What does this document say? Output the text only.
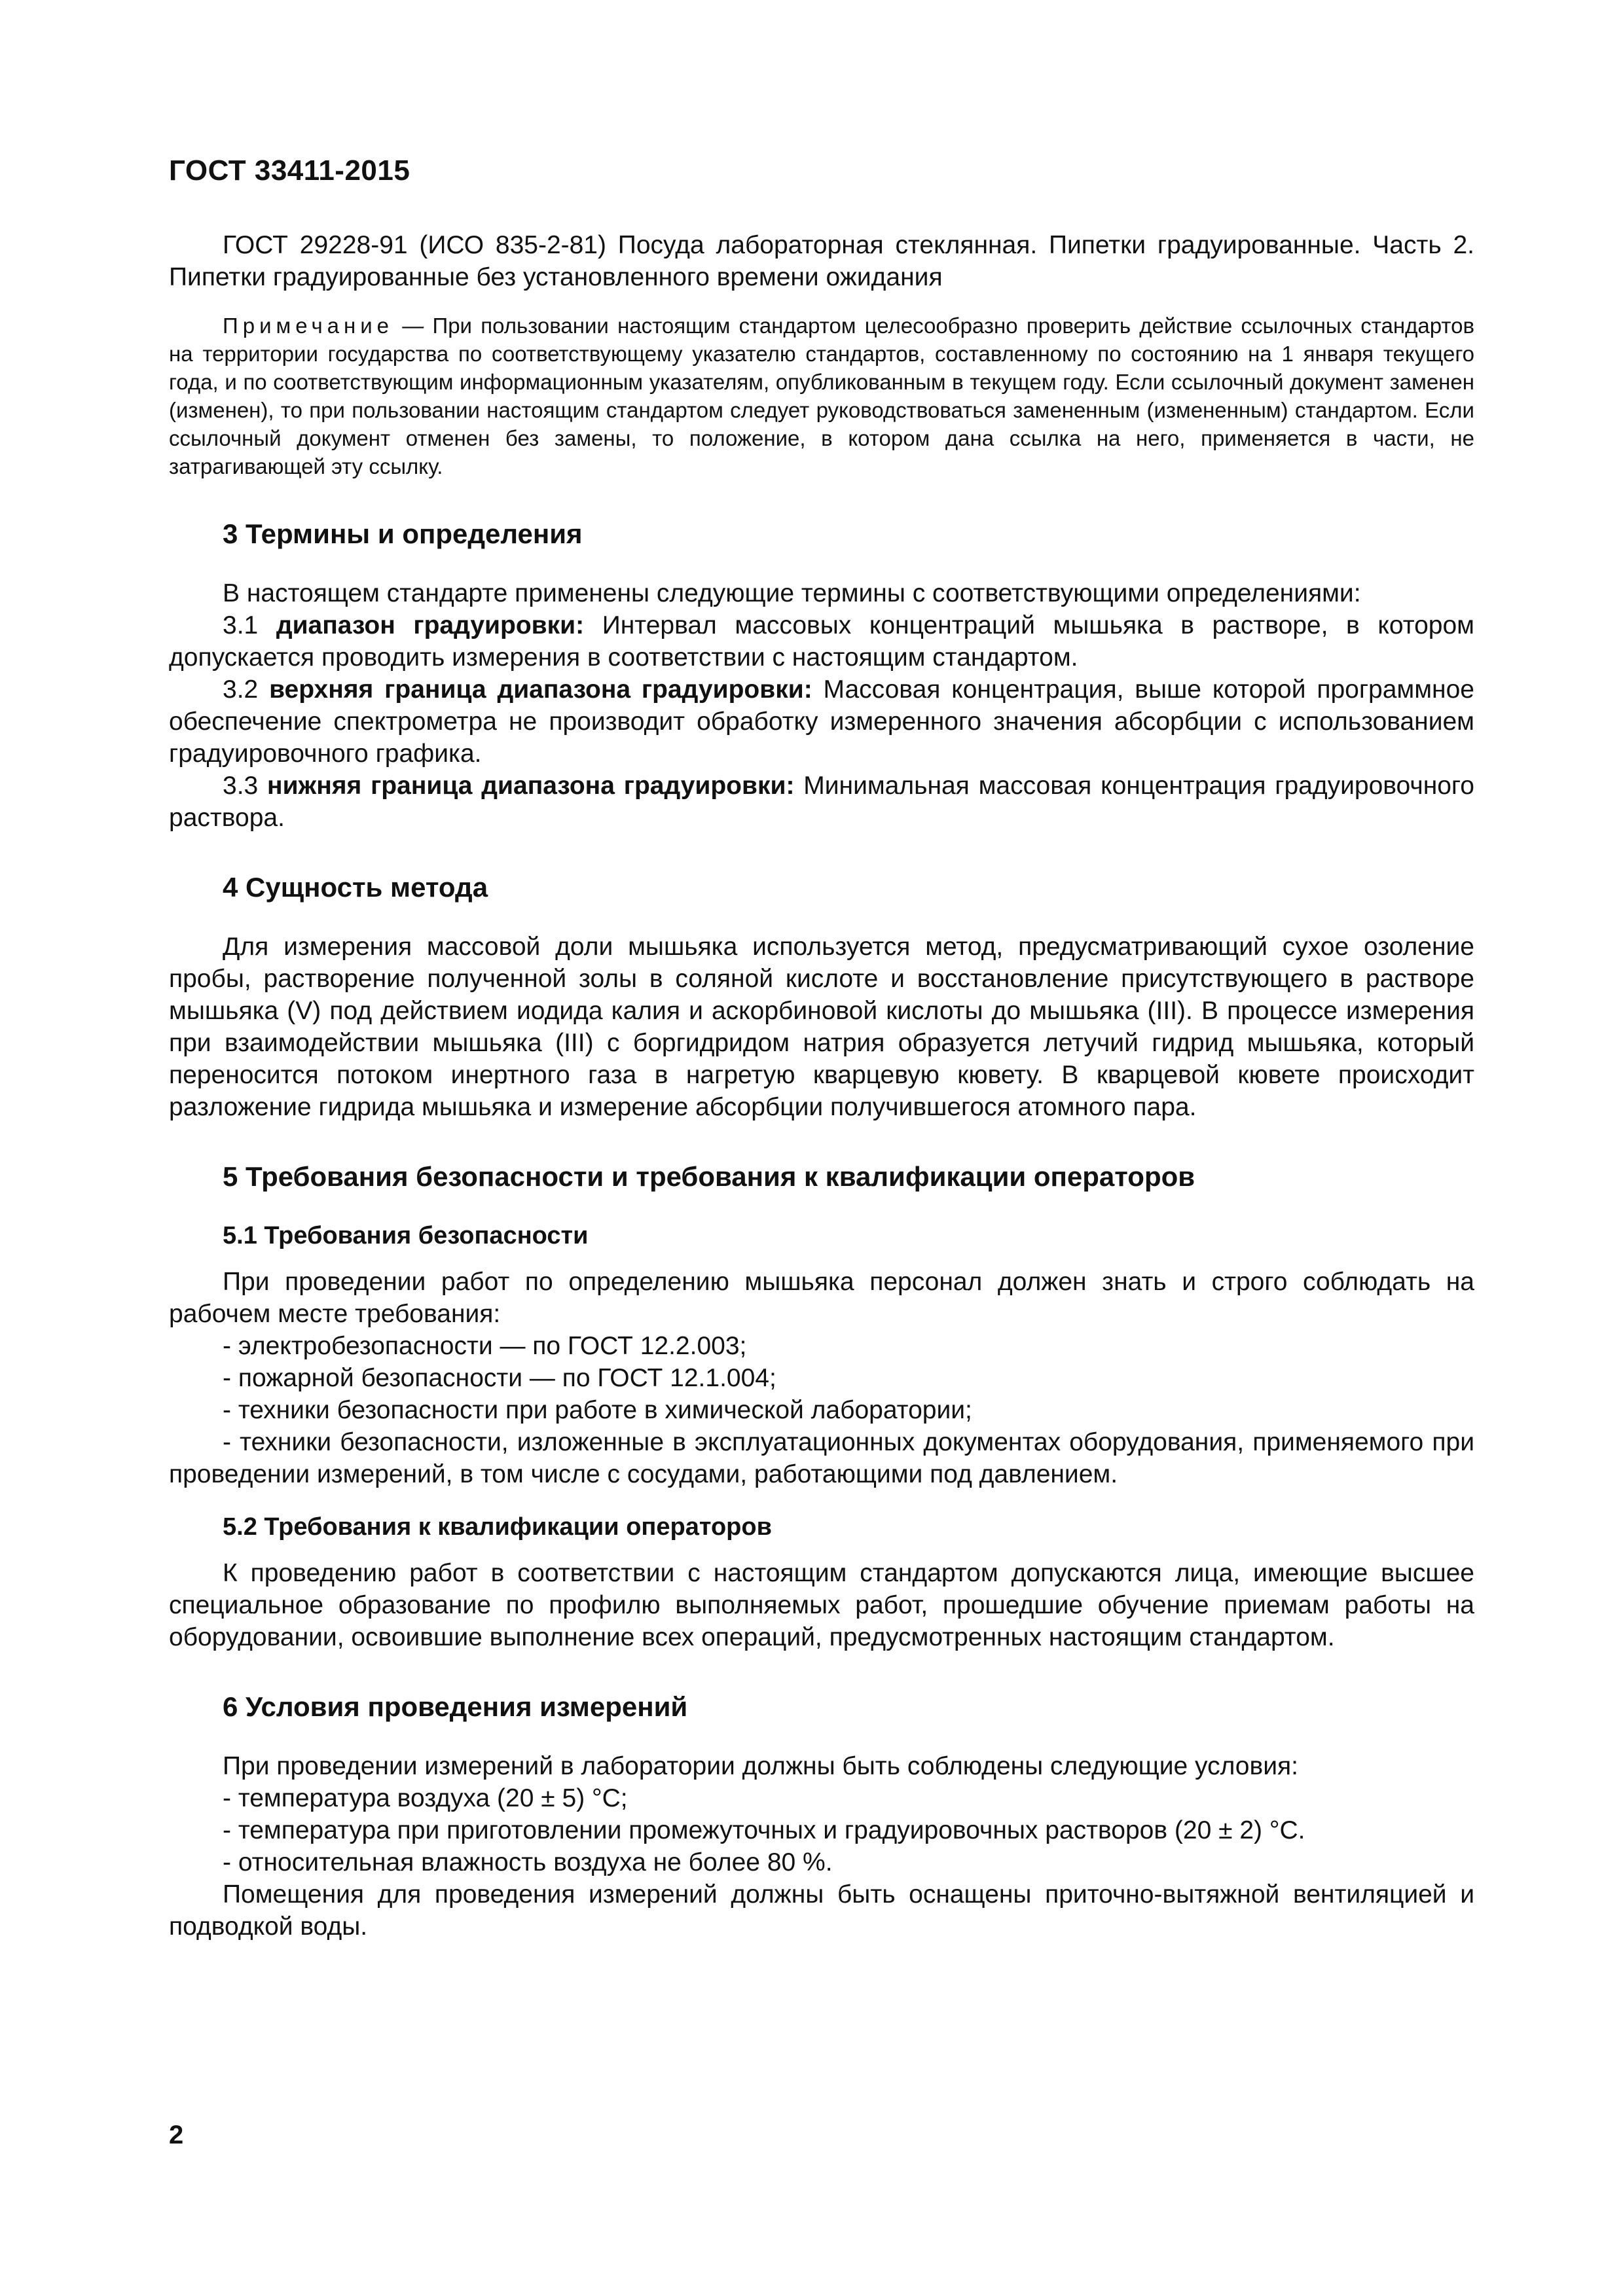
ГОСТ 33411-2015

ГОСТ 29228-91 (ИСО 835-2-81) Посуда лабораторная стеклянная. Пипетки градуированные. Часть 2. Пипетки градуированные без установленного времени ожидания

Примечание — При пользовании настоящим стандартом целесообразно проверить действие ссылочных стандартов на территории государства по соответствующему указателю стандартов, составленному по состоянию на 1 января текущего года, и по соответствующим информационным указателям, опубликованным в текущем году. Если ссылочный документ заменен (изменен), то при пользовании настоящим стандартом следует руководствоваться замененным (измененным) стандартом. Если ссылочный документ отменен без замены, то положение, в котором дана ссылка на него, применяется в части, не затрагивающей эту ссылку.

3 Термины и определения

В настоящем стандарте применены следующие термины с соответствующими определениями:

3.1 диапазон градуировки: Интервал массовых концентраций мышьяка в растворе, в котором допускается проводить измерения в соответствии с настоящим стандартом.

3.2 верхняя граница диапазона градуировки: Массовая концентрация, выше которой программное обеспечение спектрометра не производит обработку измеренного значения абсорбции с использованием градуировочного графика.

3.3 нижняя граница диапазона градуировки: Минимальная массовая концентрация градуировочного раствора.

4 Сущность метода

Для измерения массовой доли мышьяка используется метод, предусматривающий сухое озоление пробы, растворение полученной золы в соляной кислоте и восстановление присутствующего в растворе мышьяка (V) под действием иодида калия и аскорбиновой кислоты до мышьяка (III). В процессе измерения при взаимодействии мышьяка (III) с боргидридом натрия образуется летучий гидрид мышьяка, который переносится потоком инертного газа в нагретую кварцевую кювету. В кварцевой кювете происходит разложение гидрида мышьяка и измерение абсорбции получившегося атомного пара.

5 Требования безопасности и требования к квалификации операторов
5.1 Требования безопасности

При проведении работ по определению мышьяка персонал должен знать и строго соблюдать на рабочем месте требования:

- электробезопасности — по ГОСТ 12.2.003;

- пожарной безопасности — по ГОСТ 12.1.004;

- техники безопасности при работе в химической лаборатории;

- техники безопасности, изложенные в эксплуатационных документах оборудования, применяемого при проведении измерений, в том числе с сосудами, работающими под давлением.

5.2 Требования к квалификации операторов

К проведению работ в соответствии с настоящим стандартом допускаются лица, имеющие высшее специальное образование по профилю выполняемых работ, прошедшие обучение приемам работы на оборудовании, освоившие выполнение всех операций, предусмотренных настоящим стандартом.

6 Условия проведения измерений

При проведении измерений в лаборатории должны быть соблюдены следующие условия:

- температура воздуха (20 ± 5) °С;

- температура при приготовлении промежуточных и градуировочных растворов (20 ± 2) °С.

- относительная влажность воздуха не более 80 %.

Помещения для проведения измерений должны быть оснащены приточно-вытяжной вентиляцией и подводкой воды.

2
